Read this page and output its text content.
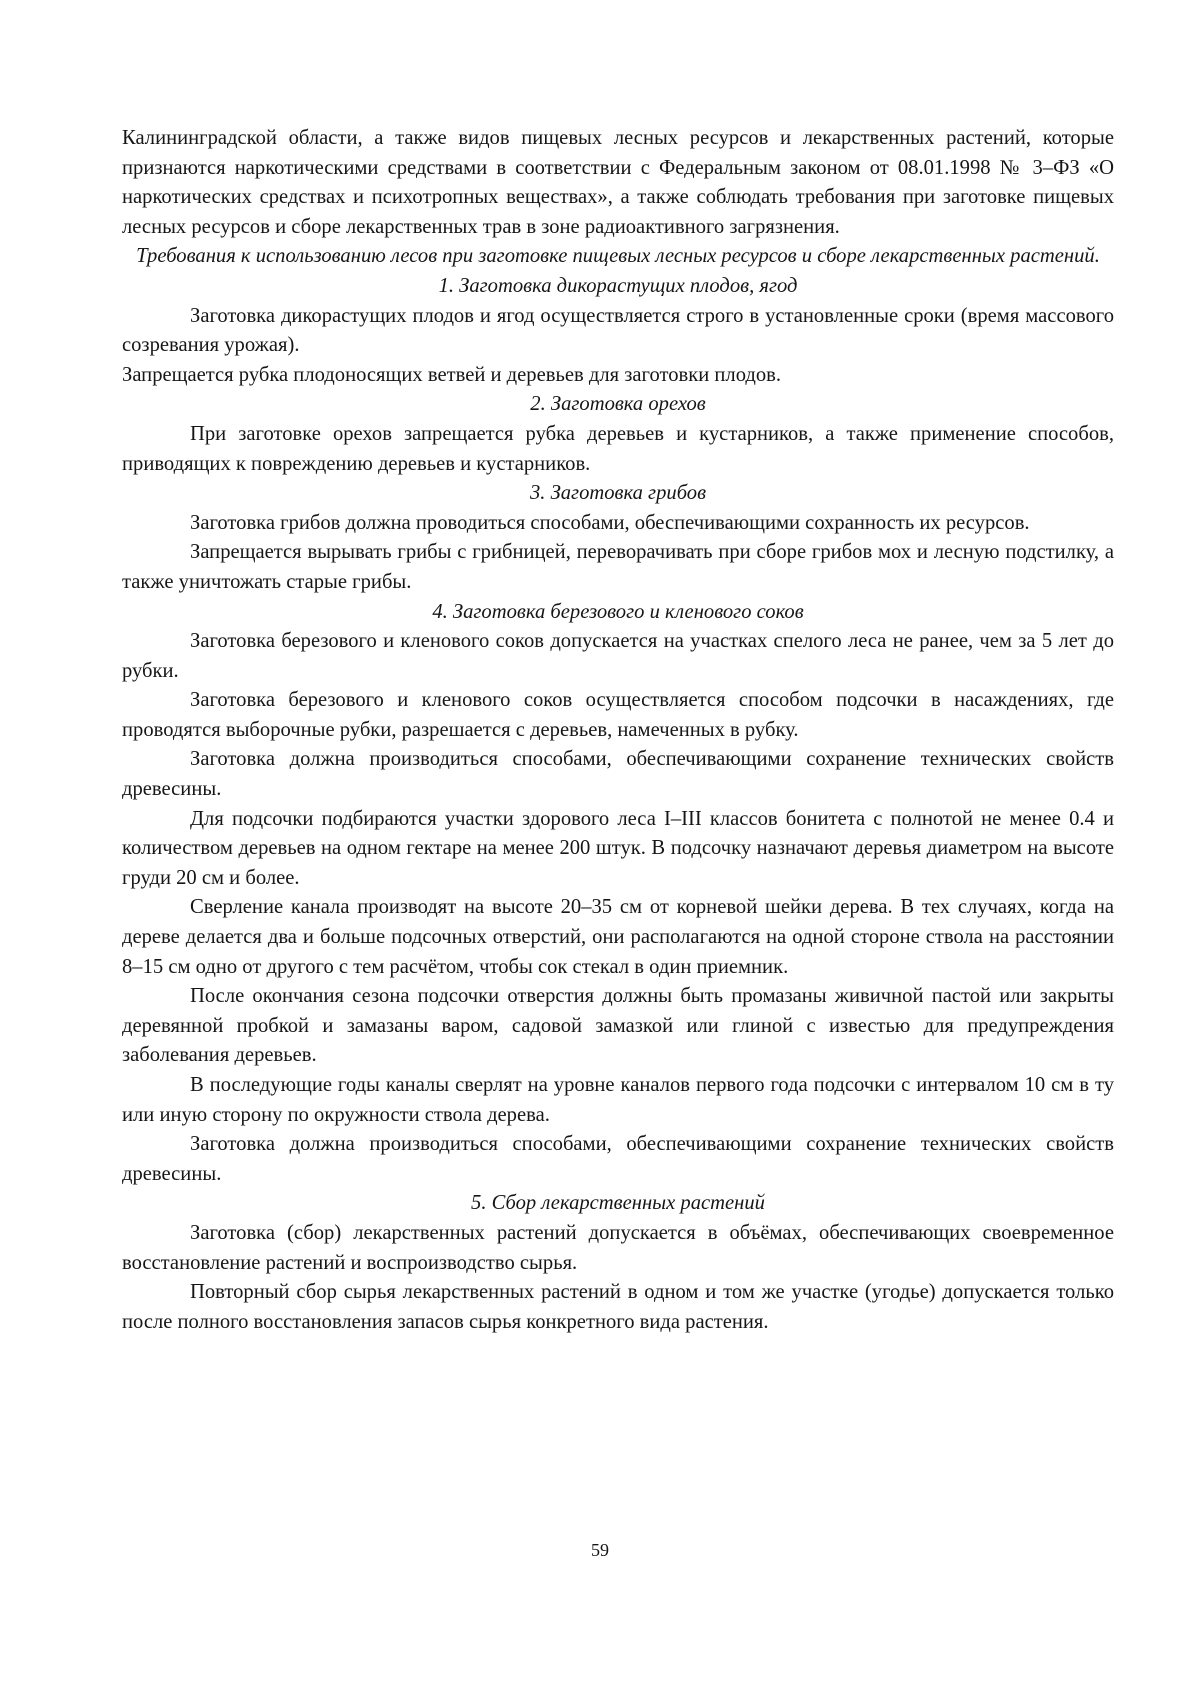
Калининградской области, а также видов пищевых лесных ресурсов и лекарственных растений, которые признаются наркотическими средствами в соответствии с Федеральным законом от 08.01.1998 № 3–ФЗ «О наркотических средствах и психотропных веществах», а также соблюдать требования при заготовке пищевых лесных ресурсов и сборе лекарственных трав в зоне радиоактивного загрязнения.

Требования к использованию лесов при заготовке пищевых лесных ресурсов и сборе лекарственных растений.

1. Заготовка дикорастущих плодов, ягод

Заготовка дикорастущих плодов и ягод осуществляется строго в установленные сроки (время массового созревания урожая).

Запрещается рубка плодоносящих ветвей и деревьев для заготовки плодов.

2. Заготовка орехов

При заготовке орехов запрещается рубка деревьев и кустарников, а также применение способов, приводящих к повреждению деревьев и кустарников.

3. Заготовка грибов

Заготовка грибов должна проводиться способами, обеспечивающими сохранность их ресурсов.

Запрещается вырывать грибы с грибницей, переворачивать при сборе грибов мох и лесную подстилку, а также уничтожать старые грибы.

4. Заготовка березового и кленового соков

Заготовка березового и кленового соков допускается на участках спелого леса не ранее, чем за 5 лет до рубки.

Заготовка березового и кленового соков осуществляется способом подсочки в насаждениях, где проводятся выборочные рубки, разрешается с деревьев, намеченных в рубку.

Заготовка должна производиться способами, обеспечивающими сохранение технических свойств древесины.

Для подсочки подбираются участки здорового леса I–III классов бонитета с полнотой не менее 0.4 и количеством деревьев на одном гектаре на менее 200 штук. В подсочку назначают деревья диаметром на высоте груди 20 см и более.

Сверление канала производят на высоте 20–35 см от корневой шейки дерева. В тех случаях, когда на дереве делается два и больше подсочных отверстий, они располагаются на одной стороне ствола на расстоянии 8–15 см одно от другого с тем расчётом, чтобы сок стекал в один приемник.

После окончания сезона подсочки отверстия должны быть промазаны живичной пастой или закрыты деревянной пробкой и замазаны варом, садовой замазкой или глиной с известью для предупреждения заболевания деревьев.

В последующие годы каналы сверлят на уровне каналов первого года подсочки с интервалом 10 см в ту или иную сторону по окружности ствола дерева.

Заготовка должна производиться способами, обеспечивающими сохранение технических свойств древесины.

5. Сбор лекарственных растений

Заготовка (сбор) лекарственных растений допускается в объёмах, обеспечивающих своевременное восстановление растений и воспроизводство сырья.

Повторный сбор сырья лекарственных растений в одном и том же участке (угодье) допускается только после полного восстановления запасов сырья конкретного вида растения.

59
